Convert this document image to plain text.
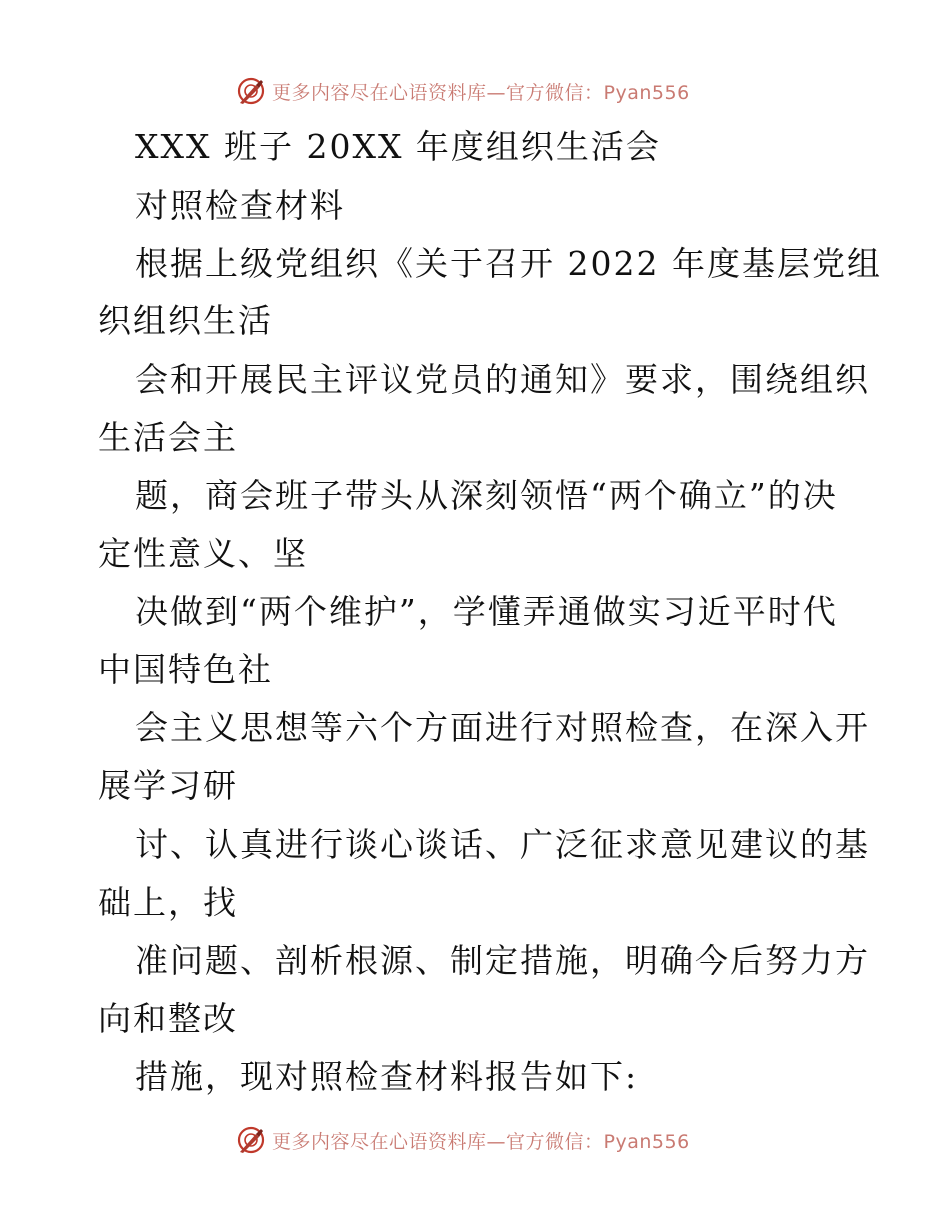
更多内容尽在心语资料库—官方微信：Pyan556
XXX 班子 20XX 年度组织生活会
对照检查材料
根据上级党组织《关于召开 2022 年度基层党组
织组织生活
会和开展民主评议党员的通知》要求，围绕组织
生活会主
题，商会班子带头从深刻领悟“两个确立”的决
定性意义、坚
决做到“两个维护”，学懂弄通做实习近平时代
中国特色社
会主义思想等六个方面进行对照检查，在深入开
展学习研
讨、认真进行谈心谈话、广泛征求意见建议的基
础上，找
准问题、剖析根源、制定措施，明确今后努力方
向和整改
措施，现对照检查材料报告如下:
更多内容尽在心语资料库—官方微信：Pyan556
